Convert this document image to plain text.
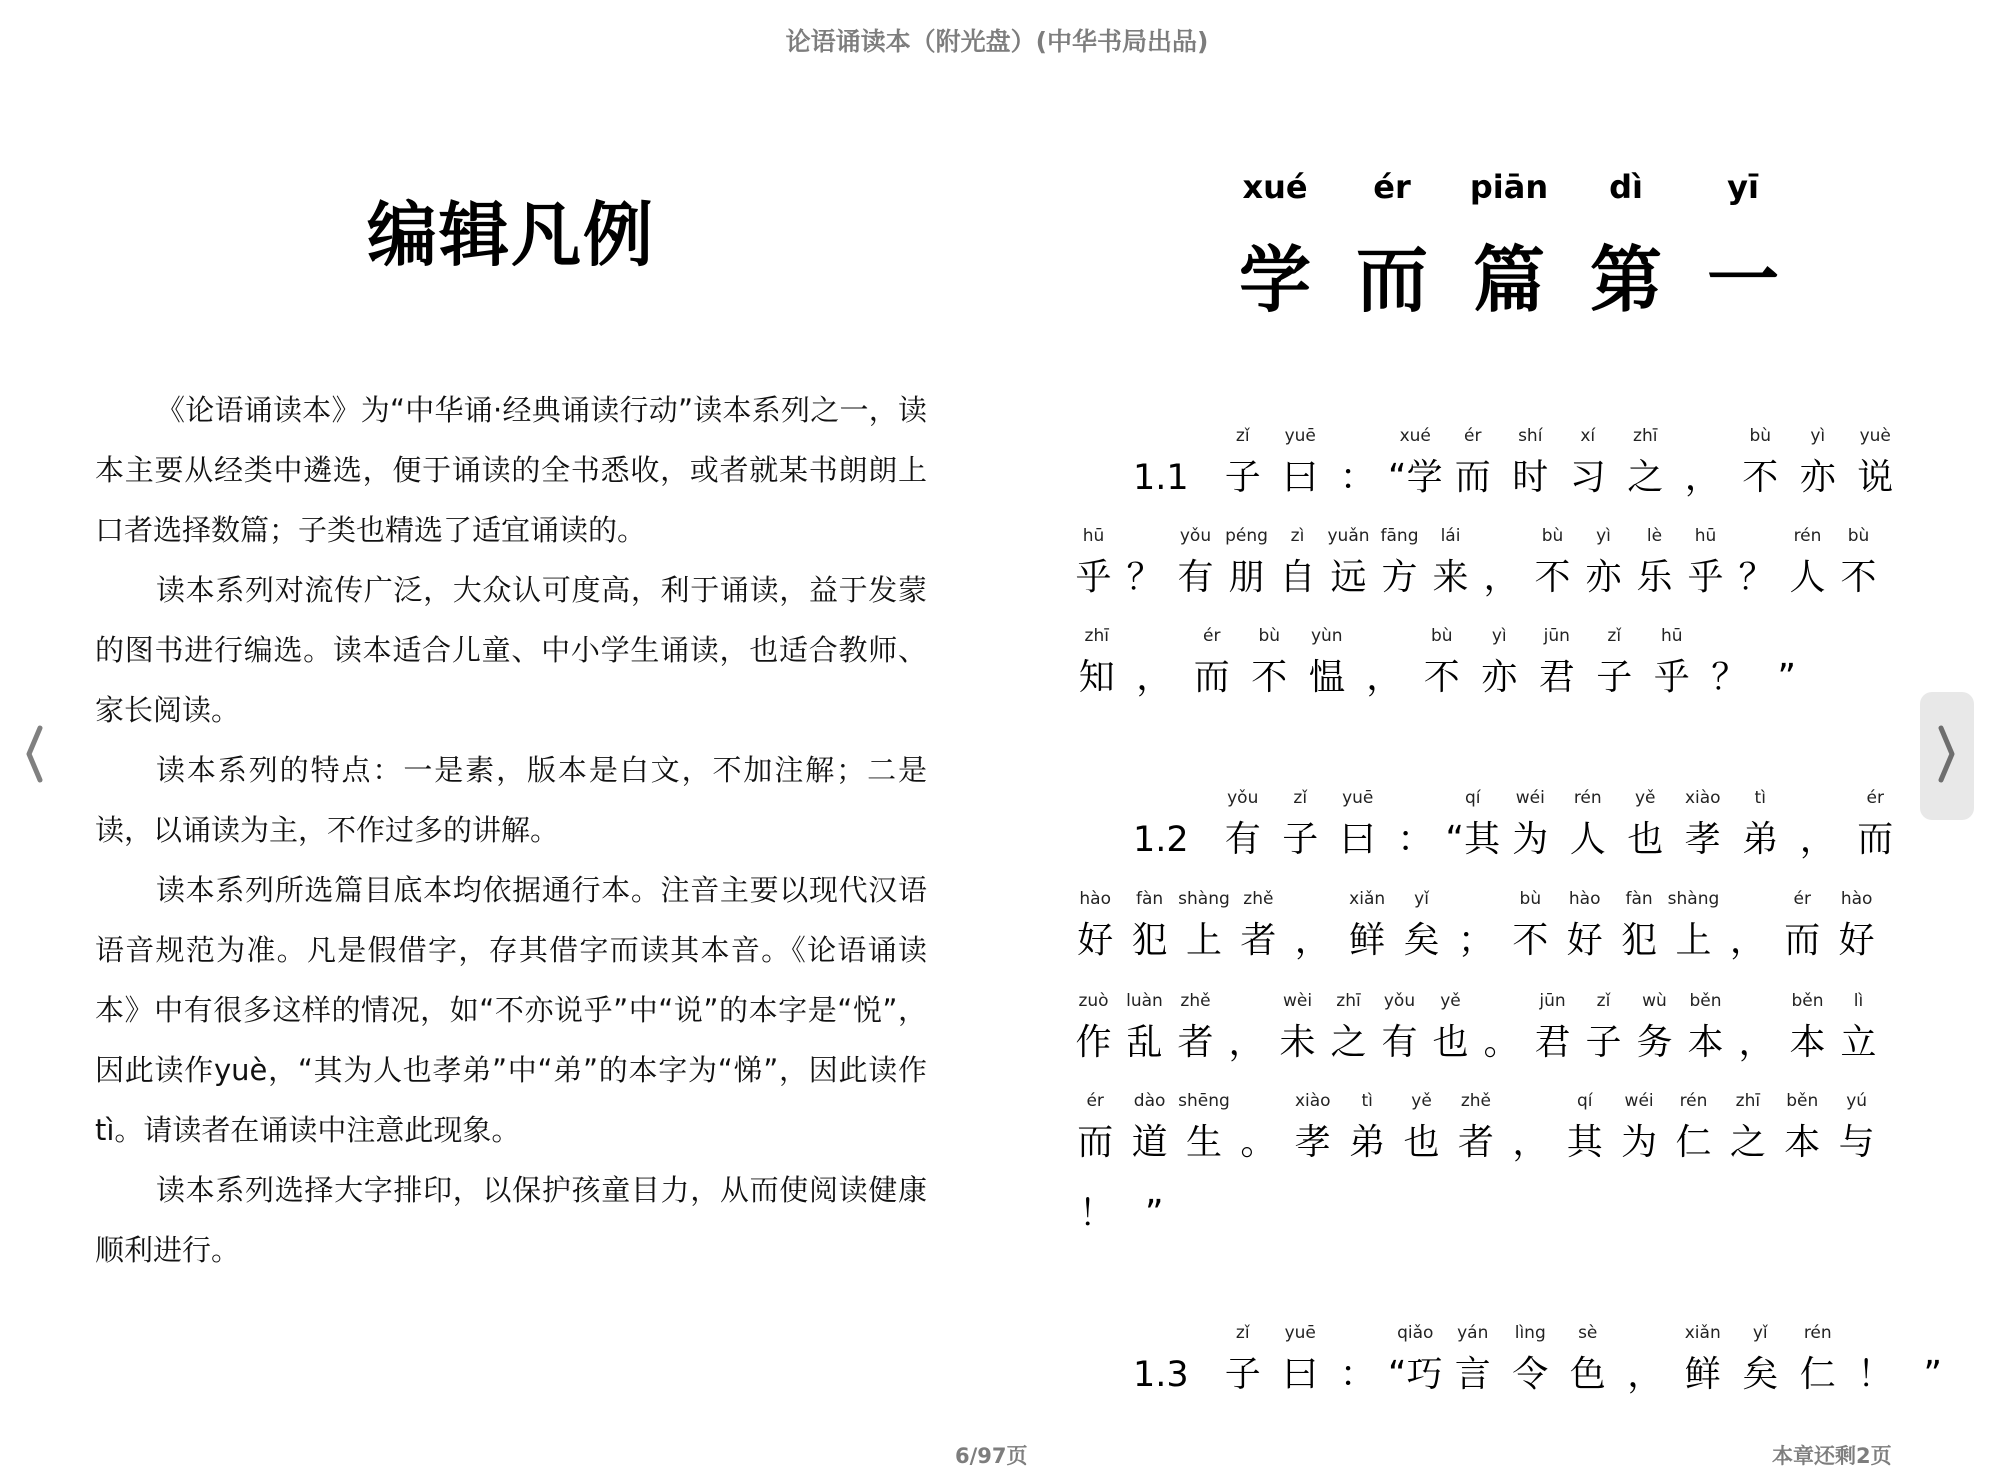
论语诵读本（附光盘）(中华书局出品)
编辑凡例

《论语诵读本》为“中华诵·经典诵读行动”读本系列之一，读本主要从经类中遴选，便于诵读的全书悉收，或者就某书朗朗上口者选择数篇；子类也精选了适宜诵读的。

读本系列对流传广泛，大众认可度高，利于诵读，益于发蒙的图书进行编选。读本适合儿童、中小学生诵读，也适合教师、家长阅读。

读本系列的特点：一是素，版本是白文，不加注解；二是读，以诵读为主，不作过多的讲解。

读本系列所选篇目底本均依据通行本。注音主要以现代汉语语音规范为准。凡是假借字，存其借字而读其本音。《论语诵读本》中有很多这样的情况，如“不亦说乎”中“说”的本字是“悦”，因此读作yuè，“其为人也孝弟”中“弟”的本字为“悌”，因此读作tì。请读者在诵读中注意此现象。

读本系列选择大字排印，以保护孩童目力，从而使阅读健康顺利进行。

xué	ér	piān	dì	yī
学 而 篇 第 一
1.1
zǐ
子
yuē
曰 ：
xué
“学
ér
而
shí
时
xí
习
zhī
之 ，
bù
不
yì
亦
yuè
说
hū
乎 ？
yǒu
有
péng
朋
zì
自
yuǎn
远
fāng
方
lái
来 ，
bù
不
yì
亦
lè
乐
hū
乎 ？
rén
人
bù
不
zhī
知 ，
ér
而
bù
不
yùn
愠 ，
bù
不
yì
亦
jūn
君
zǐ
子
hū
乎 ？ ”
1.2
yǒu
有
zǐ
子
yuē
曰 ：
qí
“其
wéi
为
rén
人
yě
也
xiào
孝
tì
弟 ，
ér
而
hào
好
fàn
犯
shàng
上
zhě
者 ，
xiǎn
鲜
yǐ
矣 ；
bù
不
hào
好
fàn
犯
shàng
上 ，
ér
而
hào
好
zuò
作
luàn
乱
zhě
者 ，
wèi
未
zhī
之
yǒu
有
yě
也 。
jūn
君
zǐ
子
wù
务
běn
本 ，
běn
本
lì
立
ér
而
dào
道
shēng
生 。
xiào
孝
tì
弟
yě
也
zhě
者 ，
qí
其
wéi
为
rén
仁
zhī
之
běn
本
yú
与
！ ”
1.3
zǐ
子
yuē
曰 ：
qiǎo
“巧
yán
言
lìng
令
sè
色 ，
xiǎn
鲜
yǐ
矣
rén
仁 ！ ”
6/97页	本章还剩2页
